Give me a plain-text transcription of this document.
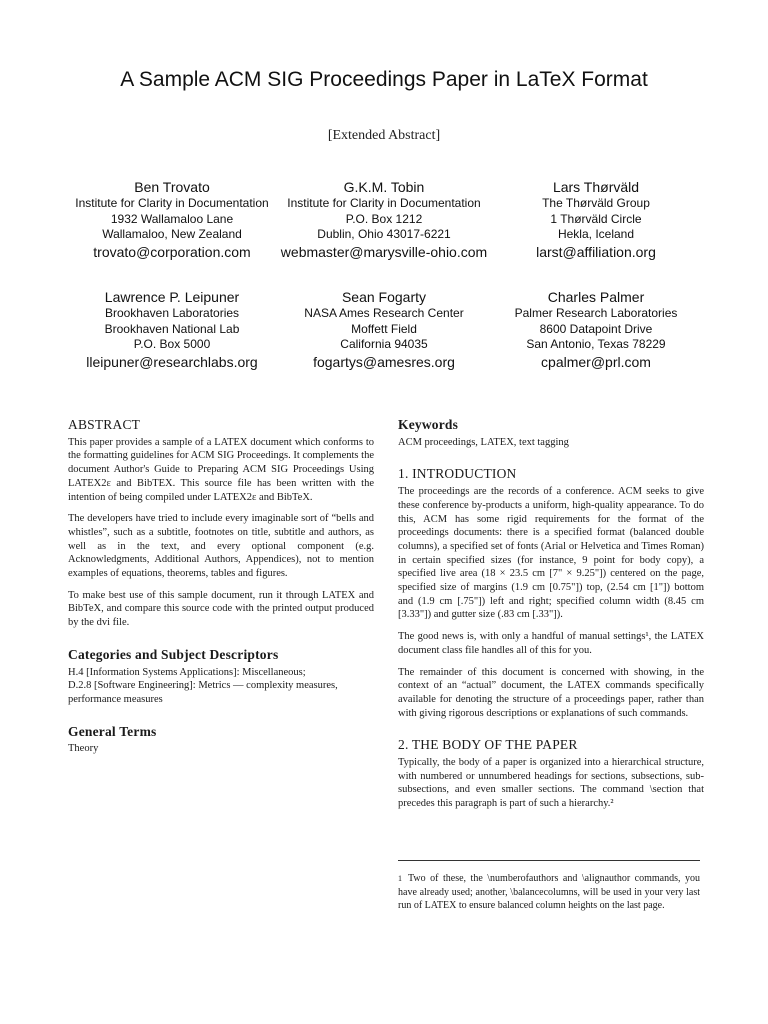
A Sample ACM SIG Proceedings Paper in LaTeX Format
[Extended Abstract]
Ben Trovato
Institute for Clarity in Documentation
1932 Wallamaloo Lane
Wallamaloo, New Zealand
trovato@corporation.com
G.K.M. Tobin
Institute for Clarity in Documentation
P.O. Box 1212
Dublin, Ohio 43017-6221
webmaster@marysville-ohio.com
Lars Thørväld
The Thørväld Group
1 Thørväld Circle
Hekla, Iceland
larst@affiliation.org
Lawrence P. Leipuner
Brookhaven Laboratories
Brookhaven National Lab
P.O. Box 5000
lleipuner@researchlabs.org
Sean Fogarty
NASA Ames Research Center
Moffett Field
California 94035
fogartys@amesres.org
Charles Palmer
Palmer Research Laboratories
8600 Datapoint Drive
San Antonio, Texas 78229
cpalmer@prl.com
ABSTRACT

This paper provides a sample of a LATEX document which conforms to the formatting guidelines for ACM SIG Proceedings. It complements the document Author's Guide to Preparing ACM SIG Proceedings Using LATEX2ε and BibTEX. This source file has been written with the intention of being compiled under LATEX2ε and BibTeX.

The developers have tried to include every imaginable sort of “bells and whistles”, such as a subtitle, footnotes on title, subtitle and authors, as well as in the text, and every optional component (e.g. Acknowledgments, Additional Authors, Appendices), not to mention examples of equations, theorems, tables and figures.

To make best use of this sample document, run it through LATEX and BibTeX, and compare this source code with the printed output produced by the dvi file.

Categories and Subject Descriptors
H.4 [Information Systems Applications]: Miscellaneous;
D.2.8 [Software Engineering]: Metrics — complexity measures, performance measures
General Terms
Theory
Keywords
ACM proceedings, LATEX, text tagging
1. INTRODUCTION

The proceedings are the records of a conference. ACM seeks to give these conference by-products a uniform, high-quality appearance. To do this, ACM has some rigid requirements for the format of the proceedings documents: there is a specified format (balanced double columns), a specified set of fonts (Arial or Helvetica and Times Roman) in certain specified sizes (for instance, 9 point for body copy), a specified live area (18 × 23.5 cm [7" × 9.25"]) centered on the page, specified size of margins (1.9 cm [0.75"]) top, (2.54 cm [1"]) bottom and (1.9 cm [.75"]) left and right; specified column width (8.45 cm [3.33"]) and gutter size (.83 cm [.33"]).

The good news is, with only a handful of manual settings¹, the LATEX document class file handles all of this for you.

The remainder of this document is concerned with showing, in the context of an “actual” document, the LATEX commands specifically available for denoting the structure of a proceedings paper, rather than with giving rigorous descriptions or explanations of such commands.

2. THE BODY OF THE PAPER

Typically, the body of a paper is organized into a hierarchical structure, with numbered or unnumbered headings for sections, subsections, sub-subsections, and even smaller sections. The command \section that precedes this paragraph is part of such a hierarchy.²

1 Two of these, the \numberofauthors and \alignauthor commands, you have already used; another, \balancecolumns, will be used in your very last run of LATEX to ensure balanced column heights on the last page.
